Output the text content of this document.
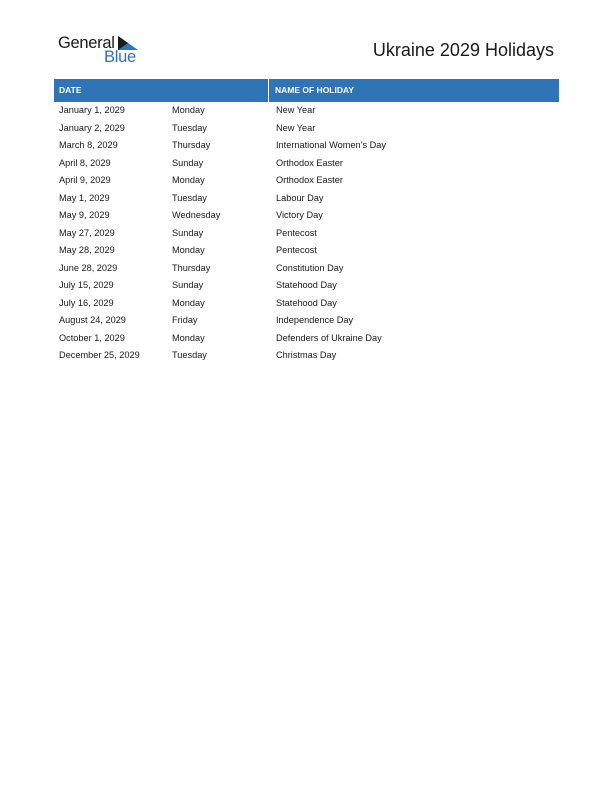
General
Blue	Ukraine 2029 Holidays
DATE	NAME OF HOLIDAY
January 1, 2029	Monday	New Year
January 2, 2029	Tuesday	New Year
March 8, 2029	Thursday	International Women’s Day
April 8, 2029	Sunday	Orthodox Easter
April 9, 2029	Monday	Orthodox Easter
May 1, 2029	Tuesday	Labour Day
May 9, 2029	Wednesday	Victory Day
May 27, 2029	Sunday	Pentecost
May 28, 2029	Monday	Pentecost
June 28, 2029	Thursday	Constitution Day
July 15, 2029	Sunday	Statehood Day
July 16, 2029	Monday	Statehood Day
August 24, 2029	Friday	Independence Day
October 1, 2029	Monday	Defenders of Ukraine Day
December 25, 2029	Tuesday	Christmas Day
